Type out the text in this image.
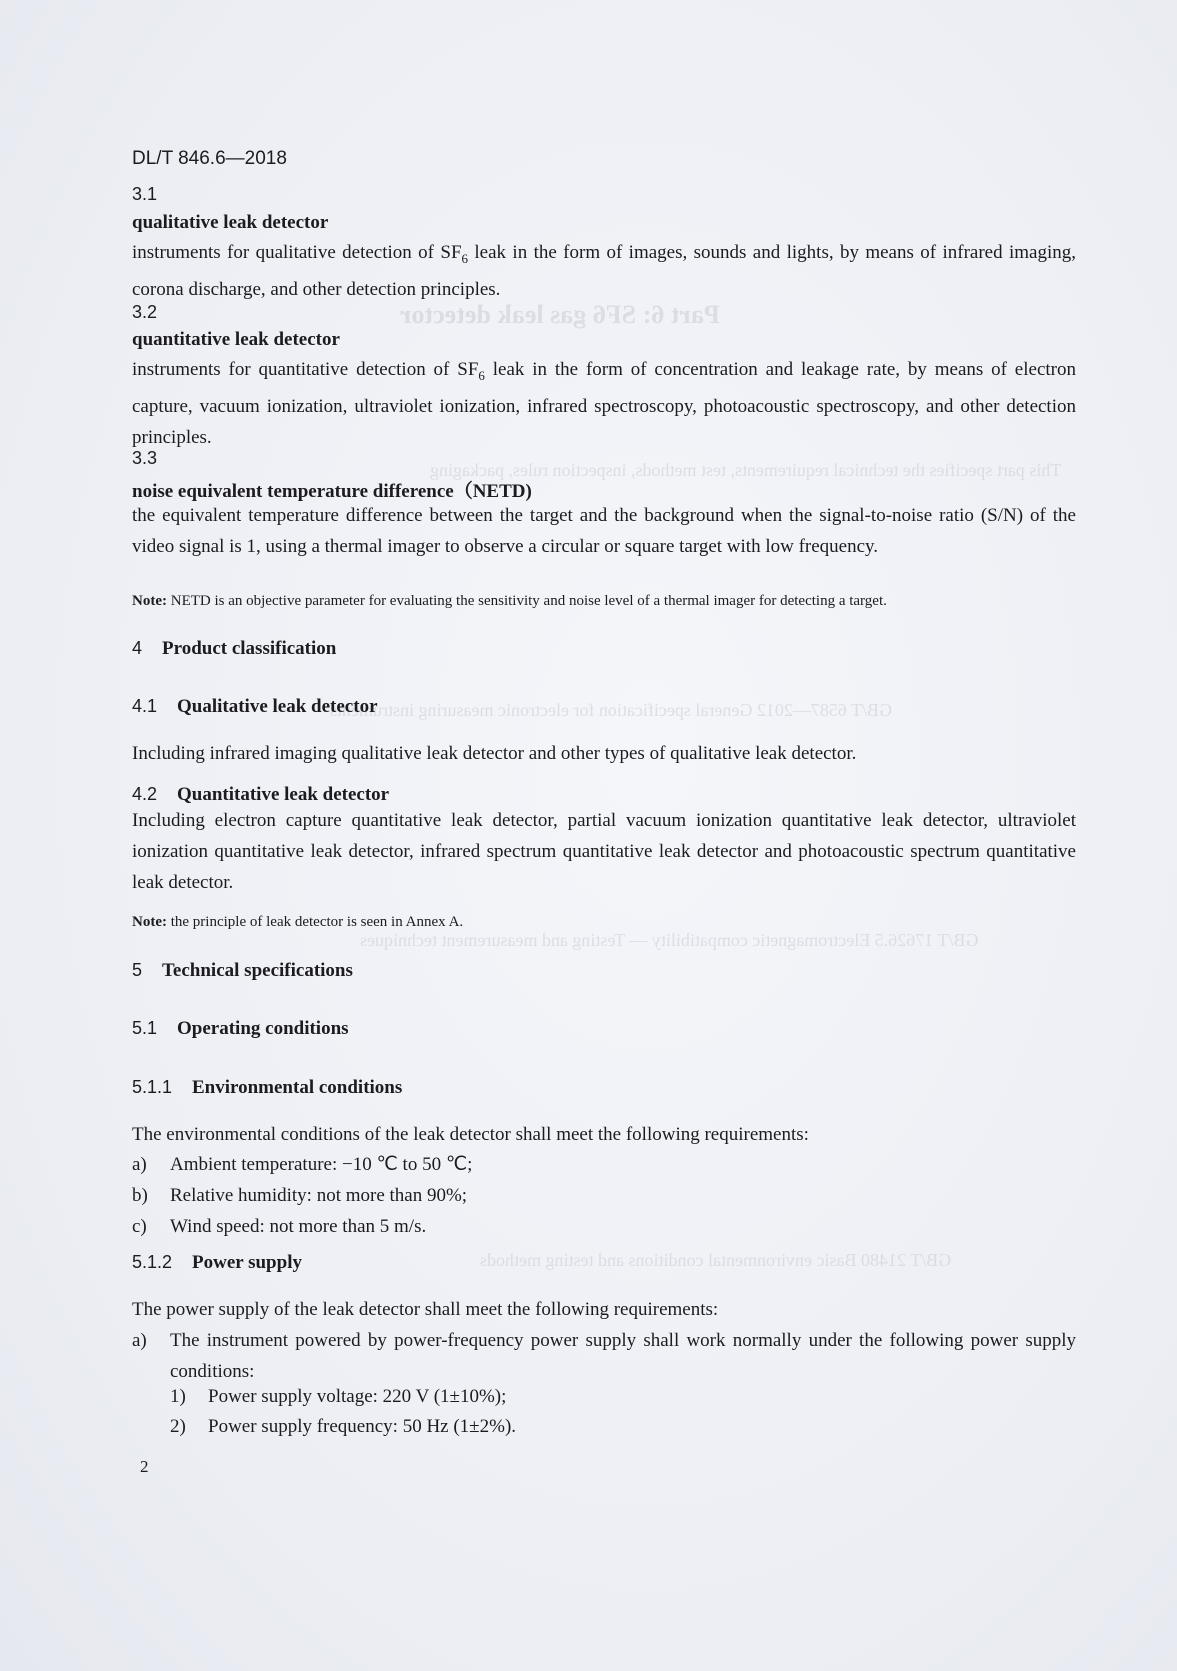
Part 6: SF6 gas leak detector
This part specifies the technical requirements, test methods, inspection rules, packaging
GB/T 6587—2012 General specification for electronic measuring instruments
GB/T 17626.5 Electromagnetic compatibility — Testing and measurement techniques
GB/T 21480 Basic environmental conditions and testing methods
DL/T 846.6—2018
3.1
qualitative leak detector
instruments for qualitative detection of $SF_6$ leak in the form of images, sounds and lights, by means of infrared imaging, corona discharge, and other detection principles.
3.2
quantitative leak detector
instruments for quantitative detection of $SF_6$ leak in the form of concentration and leakage rate, by means of electron capture, vacuum ionization, ultraviolet ionization, infrared spectroscopy, photoacoustic spectroscopy, and other detection principles.
3.3
noise equivalent temperature difference（NETD)
the equivalent temperature difference between the target and the background when the signal-to-noise ratio (S/N) of the video signal is 1, using a thermal imager to observe a circular or square target with low frequency.
Note: NETD is an objective parameter for evaluating the sensitivity and noise level of a thermal imager for detecting a target.
4 Product classification
4.1 Qualitative leak detector
Including infrared imaging qualitative leak detector and other types of qualitative leak detector.
4.2 Quantitative leak detector
Including electron capture quantitative leak detector, partial vacuum ionization quantitative leak detector, ultraviolet ionization quantitative leak detector, infrared spectrum quantitative leak detector and photoacoustic spectrum quantitative leak detector.
Note: the principle of leak detector is seen in Annex A.
5 Technical specifications
5.1 Operating conditions
5.1.1 Environmental conditions
The environmental conditions of the leak detector shall meet the following requirements:
a) Ambient temperature: −10 ℃ to 50 ℃;
b) Relative humidity: not more than 90%;
c) Wind speed: not more than 5 m/s.
5.1.2 Power supply
The power supply of the leak detector shall meet the following requirements:
a)	The instrument powered by power-frequency power supply shall work normally under the following power supply conditions:
1) Power supply voltage: 220 V (1±10%);
2) Power supply frequency: 50 Hz (1±2%).
2
